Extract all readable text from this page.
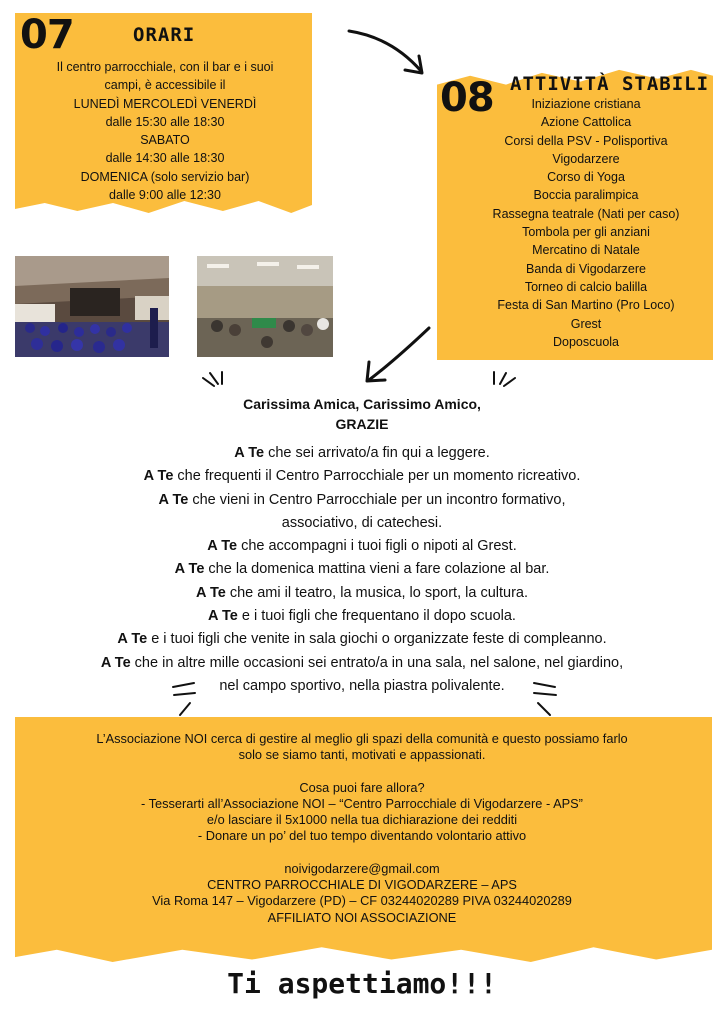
07	ORARI
Il centro parrocchiale, con il bar e i suoi
campi, è accessibile il
LUNEDÌ MERCOLEDÌ VENERDÌ
dalle 15:30 alle 18:30
SABATO
dalle 14:30 alle 18:30
DOMENICA (solo servizio bar)
dalle 9:00 alle 12:30
08 ATTIVITÀ STABILI
Iniziazione cristiana
Azione Cattolica
Corsi della PSV - Polisportiva
Vigodarzere
Corso di Yoga
Boccia paralimpica
Rassegna teatrale (Nati per caso)
Tombola per gli anziani
Mercatino di Natale
Banda di Vigodarzere
Torneo di calcio balilla
Festa di San Martino (Pro Loco)
Grest
Doposcuola
Carissima Amica, Carissimo Amico,
GRAZIE
A Te che sei arrivato/a fin qui a leggere.
A Te che frequenti il Centro Parrocchiale per un momento ricreativo.
A Te che vieni in Centro Parrocchiale per un incontro formativo,
associativo, di catechesi.
A Te che accompagni i tuoi figli o nipoti al Grest.
A Te che la domenica mattina vieni a fare colazione al bar.
A Te che ami il teatro, la musica, lo sport, la cultura.
A Te e i tuoi figli che frequentano il dopo scuola.
A Te e i tuoi figli che venite in sala giochi o organizzate feste di compleanno.
A Te che in altre mille occasioni sei entrato/a in una sala, nel salone, nel giardino,
nel campo sportivo, nella piastra polivalente.
L’Associazione NOI cerca di gestire al meglio gli spazi della comunità e questo possiamo farlo
solo se siamo tanti, motivati e appassionati.
Cosa puoi fare allora?
- Tesserarti all’Associazione NOI – “Centro Parrocchiale di Vigodarzere - APS”
e/o lasciare il 5x1000 nella tua dichiarazione dei redditi
- Donare un po’ del tuo tempo diventando volontario attivo
noivigodarzere@gmail.com
CENTRO PARROCCHIALE DI VIGODARZERE – APS
Via Roma 147 – Vigodarzere (PD) – CF 03244020289 PIVA 03244020289
AFFILIATO NOI ASSOCIAZIONE
Ti aspettiamo!!!
